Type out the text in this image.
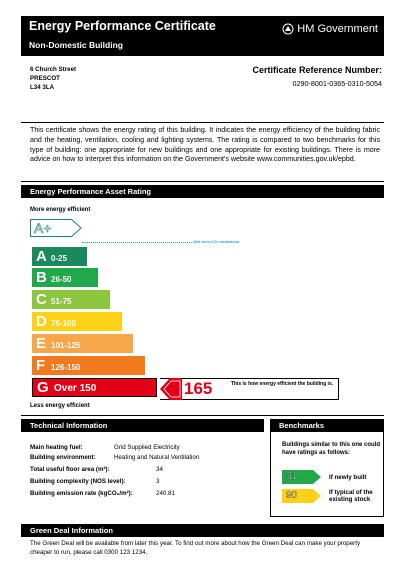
Energy Performance Certificate
Non-Domestic Building
HM Government
6 Church Street
PRESCOT
L34 3LA
Certificate Reference Number:
0290-8001-0365-0310-5054
This certificate shows the energy rating of this building. It indicates the energy efficiency of the building fabric and the heating, ventilation, cooling and lighting systems. The rating is compared to two benchmarks for this type of building: one appropriate for new buildings and one appropriate for existing buildings. There is more advice on how to interpret this information on the Government's website www.communities.gov.uk/epbd.
Energy Performance Asset Rating
More energy efficient
A+
Net zero CO₂ emissions
A 0-25
B 26-50
C 51-75
D 76-100
E 101-125
F 126-150
G Over 150	165	This is how energy efficient the building is.
Less energy efficient
Technical Information
Main heating fuel:	Grid Supplied Electricity
Building environment:	Heating and Natural Ventilation
Total useful floor area (m²):	34
Building complexity (NOS level):	3
Building emission rate (kgCO₂/m²):	240.81
Benchmarks
Buildings similar to this one could have ratings as follows:
31	If newly built
90	If typical of the existing stock
Green Deal Information
The Green Deal will be available from later this year. To find out more about how the Green Deal can make your property cheaper to run, please call 0300 123 1234.
